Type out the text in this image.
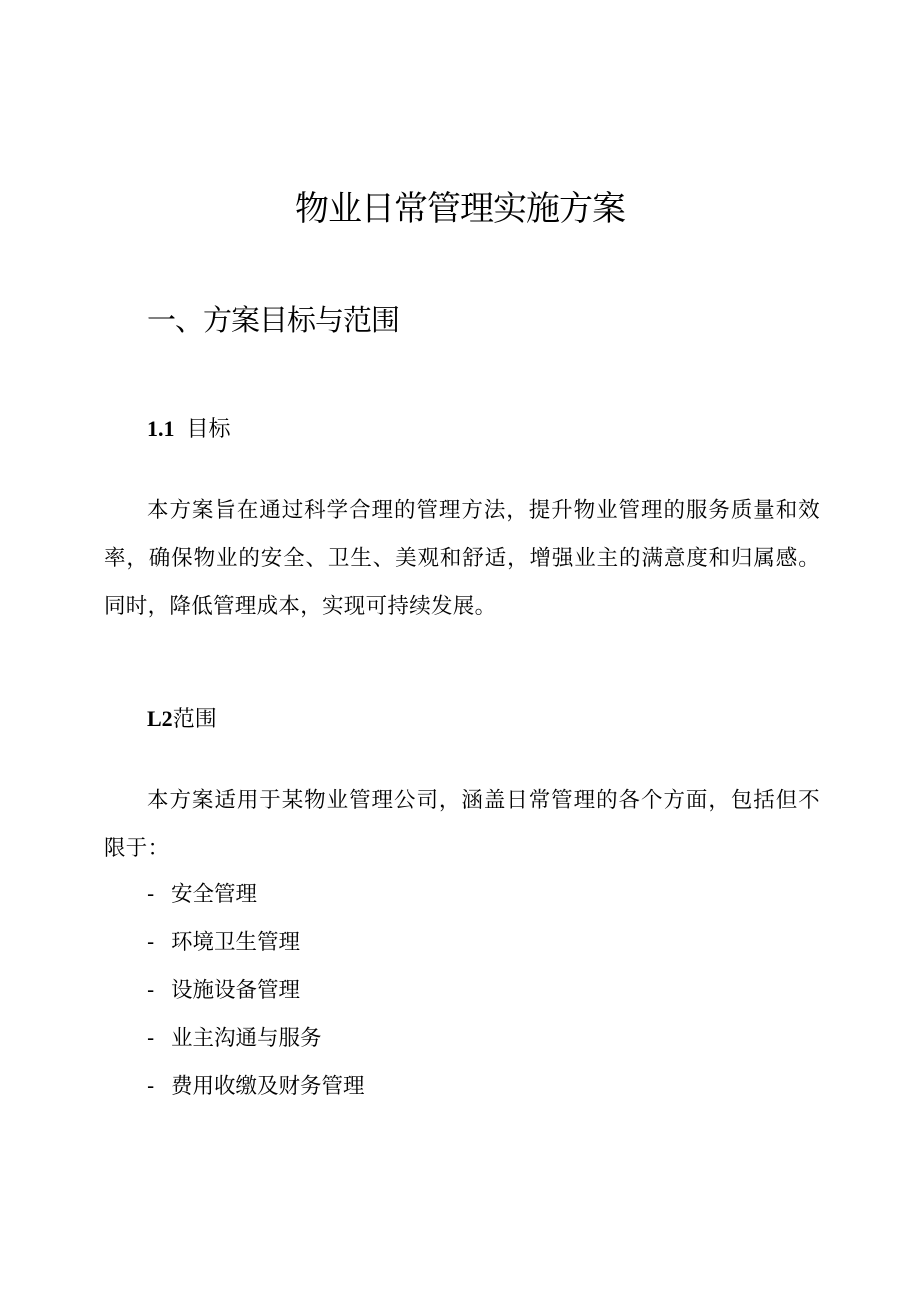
物业日常管理实施方案
一、方案目标与范围
1.1 目标

本方案旨在通过科学合理的管理方法，提升物业管理的服务质量和效率，确保物业的安全、卫生、美观和舒适，增强业主的满意度和归属感。同时，降低管理成本，实现可持续发展。

L2范围

本方案适用于某物业管理公司，涵盖日常管理的各个方面，包括但不限于：

- 安全管理
- 环境卫生管理
- 设施设备管理
- 业主沟通与服务
- 费用收缴及财务管理
